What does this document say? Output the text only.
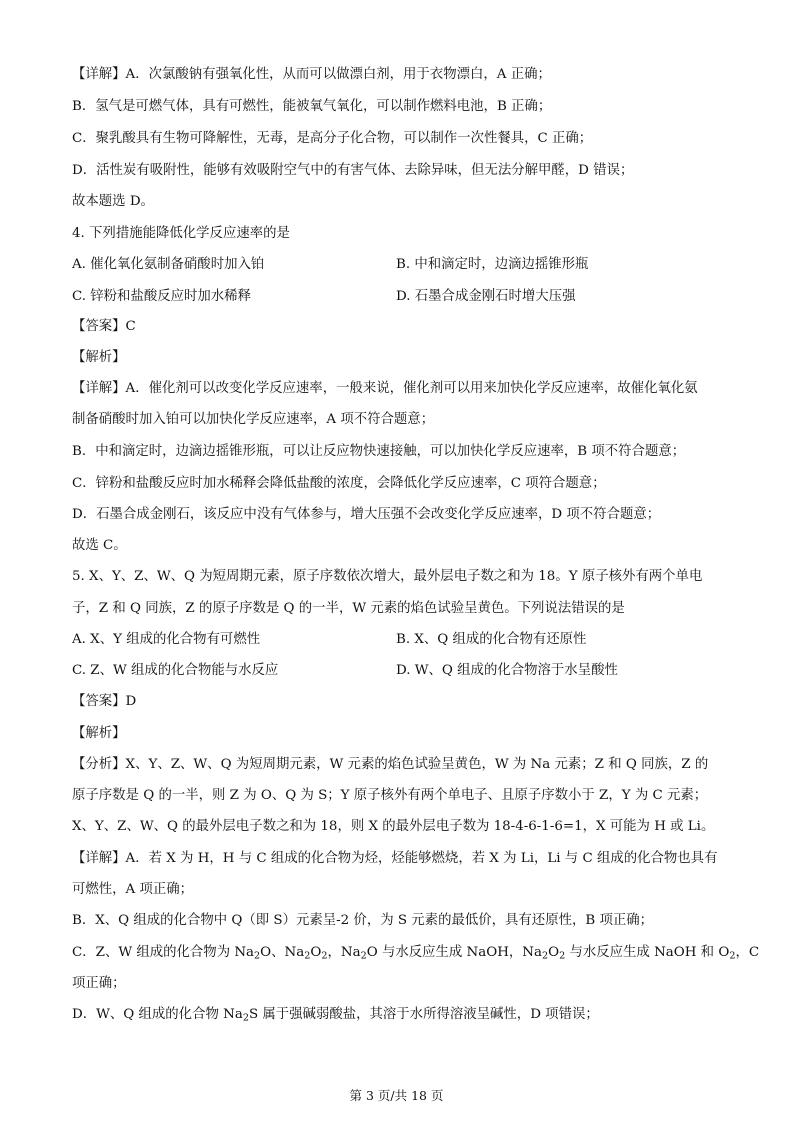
【详解】A．次氯酸钠有强氧化性，从而可以做漂白剂，用于衣物漂白，A 正确；
B．氢气是可燃气体，具有可燃性，能被氧气氧化，可以制作燃料电池，B 正确；
C．聚乳酸具有生物可降解性，无毒，是高分子化合物，可以制作一次性餐具，C 正确；
D．活性炭有吸附性，能够有效吸附空气中的有害气体、去除异味，但无法分解甲醛，D 错误；
故本题选 D。
4. 下列措施能降低化学反应速率的是
A. 催化氧化氨制备硝酸时加入铂	B. 中和滴定时，边滴边摇锥形瓶
C. 锌粉和盐酸反应时加水稀释	D. 石墨合成金刚石时增大压强
【答案】C
【解析】
【详解】A．催化剂可以改变化学反应速率，一般来说，催化剂可以用来加快化学反应速率，故催化氧化氨
制备硝酸时加入铂可以加快化学反应速率，A 项不符合题意；
B．中和滴定时，边滴边摇锥形瓶，可以让反应物快速接触，可以加快化学反应速率，B 项不符合题意；
C．锌粉和盐酸反应时加水稀释会降低盐酸的浓度，会降低化学反应速率，C 项符合题意；
D．石墨合成金刚石，该反应中没有气体参与，增大压强不会改变化学反应速率，D 项不符合题意；
故选 C。
5. X、Y、Z、W、Q 为短周期元素，原子序数依次增大，最外层电子数之和为 18。Y 原子核外有两个单电
子，Z 和 Q 同族，Z 的原子序数是 Q 的一半，W 元素的焰色试验呈黄色。下列说法错误的是
A. X、Y 组成的化合物有可燃性	B. X、Q 组成的化合物有还原性
C. Z、W 组成的化合物能与水反应	D. W、Q 组成的化合物溶于水呈酸性
【答案】D
【解析】
【分析】X、Y、Z、W、Q 为短周期元素，W 元素的焰色试验呈黄色，W 为 Na 元素；Z 和 Q 同族，Z 的
原子序数是 Q 的一半，则 Z 为 O、Q 为 S；Y 原子核外有两个单电子、且原子序数小于 Z，Y 为 C 元素；
X、Y、Z、W、Q 的最外层电子数之和为 18，则 X 的最外层电子数为 18-4-6-1-6=1，X 可能为 H 或 Li。
【详解】A．若 X 为 H，H 与 C 组成的化合物为烃，烃能够燃烧，若 X 为 Li，Li 与 C 组成的化合物也具有
可燃性，A 项正确；
B．X、Q 组成的化合物中 Q（即 S）元素呈-2 价，为 S 元素的最低价，具有还原性，B 项正确；
C．Z、W 组成的化合物为 $Na_2O$、$Na_2O_2$，$Na_2O$ 与水反应生成 NaOH，$Na_2O_2$ 与水反应生成 NaOH 和 $O_2$，C
项正确；
D．W、Q 组成的化合物 $Na_2S$ 属于强碱弱酸盐，其溶于水所得溶液呈碱性，D 项错误；
第 3 页/共 18 页
